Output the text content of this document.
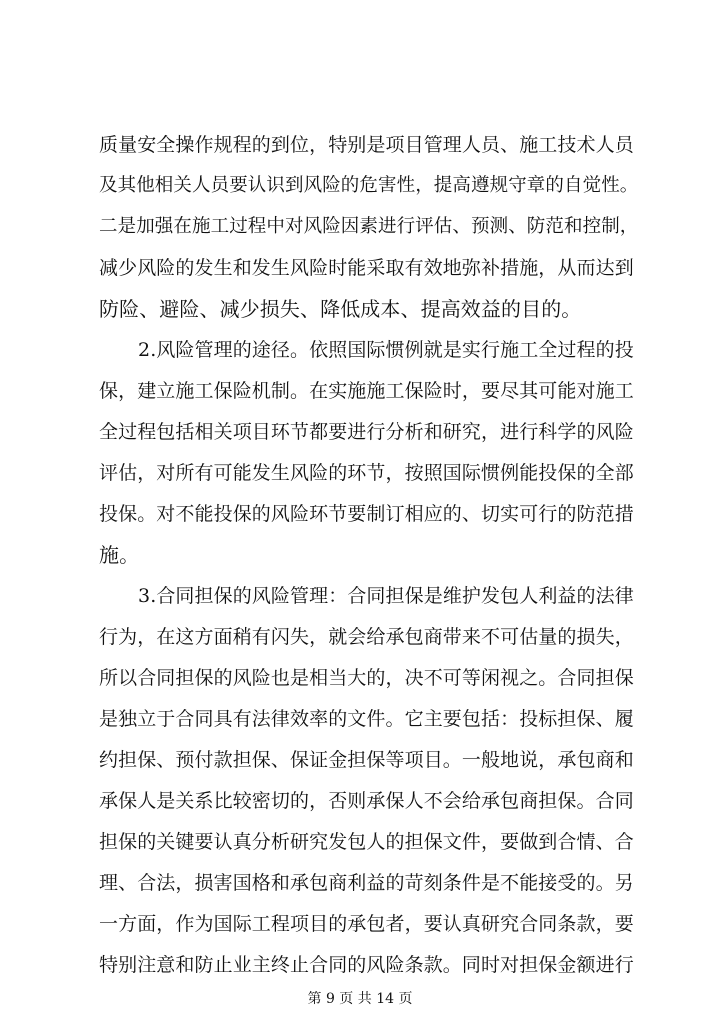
质量安全操作规程的到位，特别是项目管理人员、施工技术人员
及其他相关人员要认识到风险的危害性，提高遵规守章的自觉性。
二是加强在施工过程中对风险因素进行评估、预测、防范和控制，
减少风险的发生和发生风险时能采取有效地弥补措施，从而达到
防险、避险、减少损失、降低成本、提高效益的目的。
2.风险管理的途径。依照国际惯例就是实行施工全过程的投
保，建立施工保险机制。在实施施工保险时，要尽其可能对施工
全过程包括相关项目环节都要进行分析和研究，进行科学的风险
评估，对所有可能发生风险的环节，按照国际惯例能投保的全部
投保。对不能投保的风险环节要制订相应的、切实可行的防范措
施。
3.合同担保的风险管理：合同担保是维护发包人利益的法律
行为，在这方面稍有闪失，就会给承包商带来不可估量的损失，
所以合同担保的风险也是相当大的，决不可等闲视之。合同担保
是独立于合同具有法律效率的文件。它主要包括：投标担保、履
约担保、预付款担保、保证金担保等项目。一般地说，承包商和
承保人是关系比较密切的，否则承保人不会给承包商担保。合同
担保的关键要认真分析研究发包人的担保文件，要做到合情、合
理、合法，损害国格和承包商利益的苛刻条件是不能接受的。另
一方面，作为国际工程项目的承包者，要认真研究合同条款，要
特别注意和防止业主终止合同的风险条款。同时对担保金额进行
第 9 页 共 14 页
